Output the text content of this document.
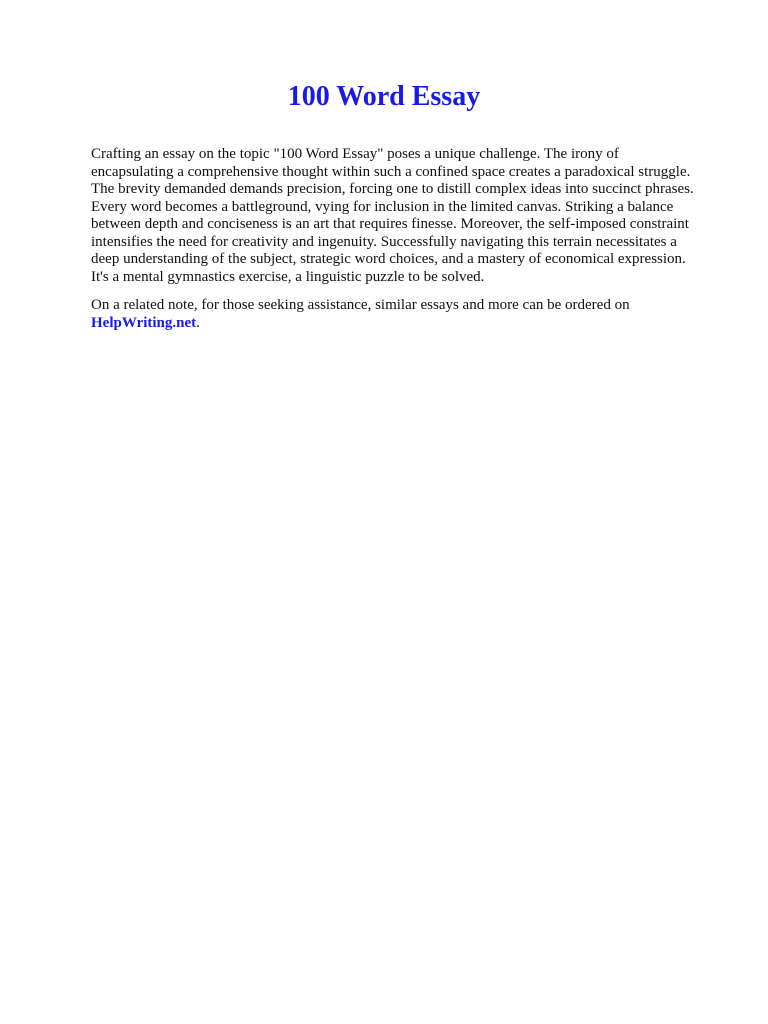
100 Word Essay

Crafting an essay on the topic "100 Word Essay" poses a unique challenge. The irony of
encapsulating a comprehensive thought within such a confined space creates a paradoxical struggle.
The brevity demanded demands precision, forcing one to distill complex ideas into succinct phrases.
Every word becomes a battleground, vying for inclusion in the limited canvas. Striking a balance
between depth and conciseness is an art that requires finesse. Moreover, the self-imposed constraint
intensifies the need for creativity and ingenuity. Successfully navigating this terrain necessitates a
deep understanding of the subject, strategic word choices, and a mastery of economical expression.
It's a mental gymnastics exercise, a linguistic puzzle to be solved.

On a related note, for those seeking assistance, similar essays and more can be ordered on
HelpWriting.net.
